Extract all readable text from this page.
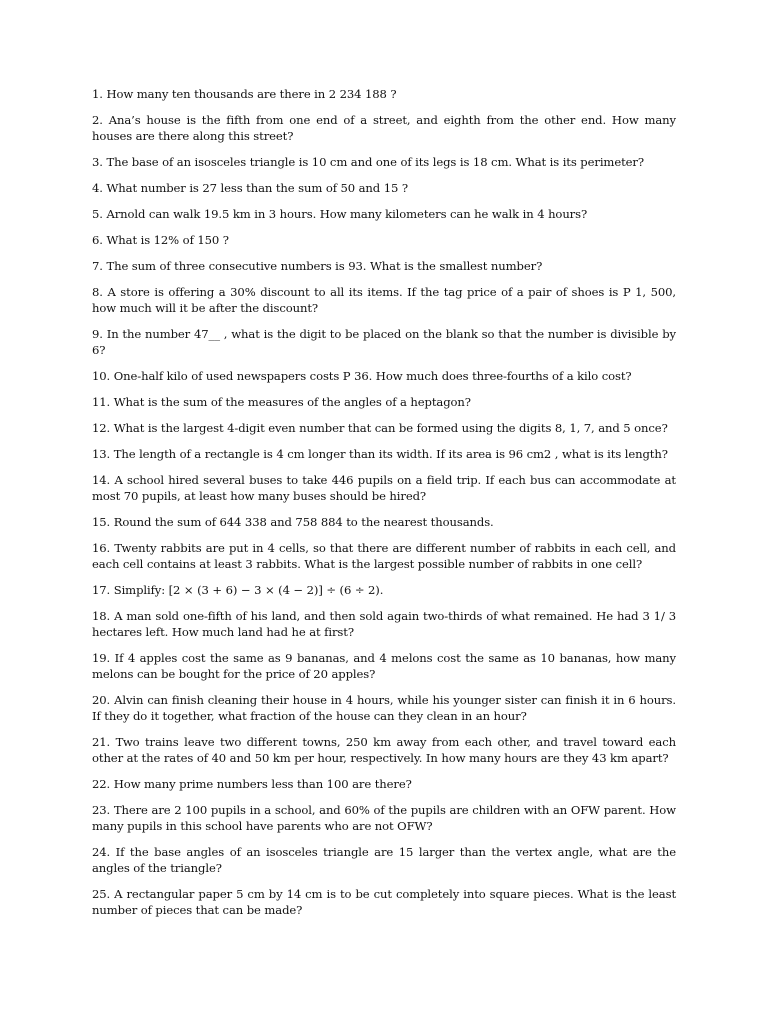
1. How many ten thousands are there in 2 234 188 ?

2. Ana’s house is the fifth from one end of a street, and eighth from the other end. How many houses are there along this street?

3. The base of an isosceles triangle is 10 cm and one of its legs is 18 cm. What is its perimeter?

4. What number is 27 less than the sum of 50 and 15 ?

5. Arnold can walk 19.5 km in 3 hours. How many kilometers can he walk in 4 hours?

6. What is 12% of 150 ?

7. The sum of three consecutive numbers is 93. What is the smallest number?

8. A store is offering a 30% discount to all its items. If the tag price of a pair of shoes is P 1, 500, how much will it be after the discount?

9. In the number 47__ , what is the digit to be placed on the blank so that the number is divisible by 6?

10. One-half kilo of used newspapers costs P 36. How much does three-fourths of a kilo cost?

11. What is the sum of the measures of the angles of a heptagon?

12. What is the largest 4-digit even number that can be formed using the digits 8, 1, 7, and 5 once?

13. The length of a rectangle is 4 cm longer than its width. If its area is 96 cm2 , what is its length?

14. A school hired several buses to take 446 pupils on a field trip. If each bus can accommodate at most 70 pupils, at least how many buses should be hired?

15. Round the sum of 644 338 and 758 884 to the nearest thousands.

16. Twenty rabbits are put in 4 cells, so that there are different number of rabbits in each cell, and each cell contains at least 3 rabbits. What is the largest possible number of rabbits in one cell?

17. Simplify: [2 × (3 + 6) − 3 × (4 − 2)] ÷ (6 ÷ 2).

18. A man sold one-fifth of his land, and then sold again two-thirds of what remained. He had 3 1/ 3 hectares left. How much land had he at first?

19. If 4 apples cost the same as 9 bananas, and 4 melons cost the same as 10 bananas, how many melons can be bought for the price of 20 apples?

20. Alvin can finish cleaning their house in 4 hours, while his younger sister can finish it in 6 hours. If they do it together, what fraction of the house can they clean in an hour?

21. Two trains leave two different towns, 250 km away from each other, and travel toward each other at the rates of 40 and 50 km per hour, respectively. In how many hours are they 43 km apart?

22. How many prime numbers less than 100 are there?

23. There are 2 100 pupils in a school, and 60% of the pupils are children with an OFW parent. How many pupils in this school have parents who are not OFW?

24. If the base angles of an isosceles triangle are 15 larger than the vertex angle, what are the angles of the triangle?

25. A rectangular paper 5 cm by 14 cm is to be cut completely into square pieces. What is the least number of pieces that can be made?
